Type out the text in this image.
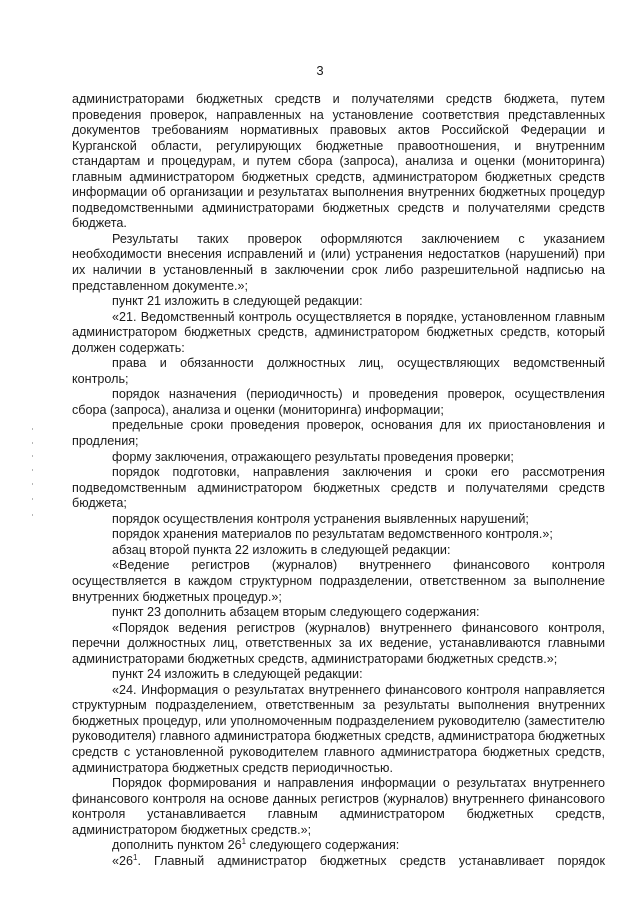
3

администраторами бюджетных средств и получателями средств бюджета, путем проведения проверок, направленных на установление соответствия представленных документов требованиям нормативных правовых актов Российской Федерации и Курганской области, регулирующих бюджетные правоотношения, и внутренним стандартам и процедурам, и путем сбора (запроса), анализа и оценки (мониторинга) главным администратором бюджетных средств, администратором бюджетных средств информации об организации и результатах выполнения внутренних бюджетных процедур подведомственными администраторами бюджетных средств и получателями средств бюджета.

Результаты таких проверок оформляются заключением с указанием необходимости внесения исправлений и (или) устранения недостатков (нарушений) при их наличии в установленный в заключении срок либо разрешительной надписью на представленном документе.»;

пункт 21 изложить в следующей редакции:

«21. Ведомственный контроль осуществляется в порядке, установленном главным администратором бюджетных средств, администратором бюджетных средств, который должен содержать:

права и обязанности должностных лиц, осуществляющих ведомственный контроль;

порядок назначения (периодичность) и проведения проверок, осуществления сбора (запроса), анализа и оценки (мониторинга) информации;

предельные сроки проведения проверок, основания для их приостановления и продления;

форму заключения, отражающего результаты проведения проверки;

порядок подготовки, направления заключения и сроки его рассмотрения подведомственным администратором бюджетных средств и получателями средств бюджета;

порядок осуществления контроля устранения выявленных нарушений;

порядок хранения материалов по результатам ведомственного контроля.»;

абзац второй пункта 22 изложить в следующей редакции:

«Ведение регистров (журналов) внутреннего финансового контроля осуществляется в каждом структурном подразделении, ответственном за выполнение внутренних бюджетных процедур.»;

пункт 23 дополнить абзацем вторым следующего содержания:

«Порядок ведения регистров (журналов) внутреннего финансового контроля, перечни должностных лиц, ответственных за их ведение, устанавливаются главными администраторами бюджетных средств, администраторами бюджетных средств.»;

пункт 24 изложить в следующей редакции:

«24. Информация о результатах внутреннего финансового контроля направляется структурным подразделением, ответственным за результаты выполнения внутренних бюджетных процедур, или уполномоченным подразделением руководителю (заместителю руководителя) главного администратора бюджетных средств, администратора бюджетных средств с установленной руководителем главного администратора бюджетных средств, администратора бюджетных средств периодичностью.

Порядок формирования и направления информации о результатах внутреннего финансового контроля на основе данных регистров (журналов) внутреннего финансового контроля устанавливается главным администратором бюджетных средств, администратором бюджетных средств.»;

дополнить пунктом $26^1$ следующего содержания:

«$26^1$. Главный администратор бюджетных средств устанавливает порядок
